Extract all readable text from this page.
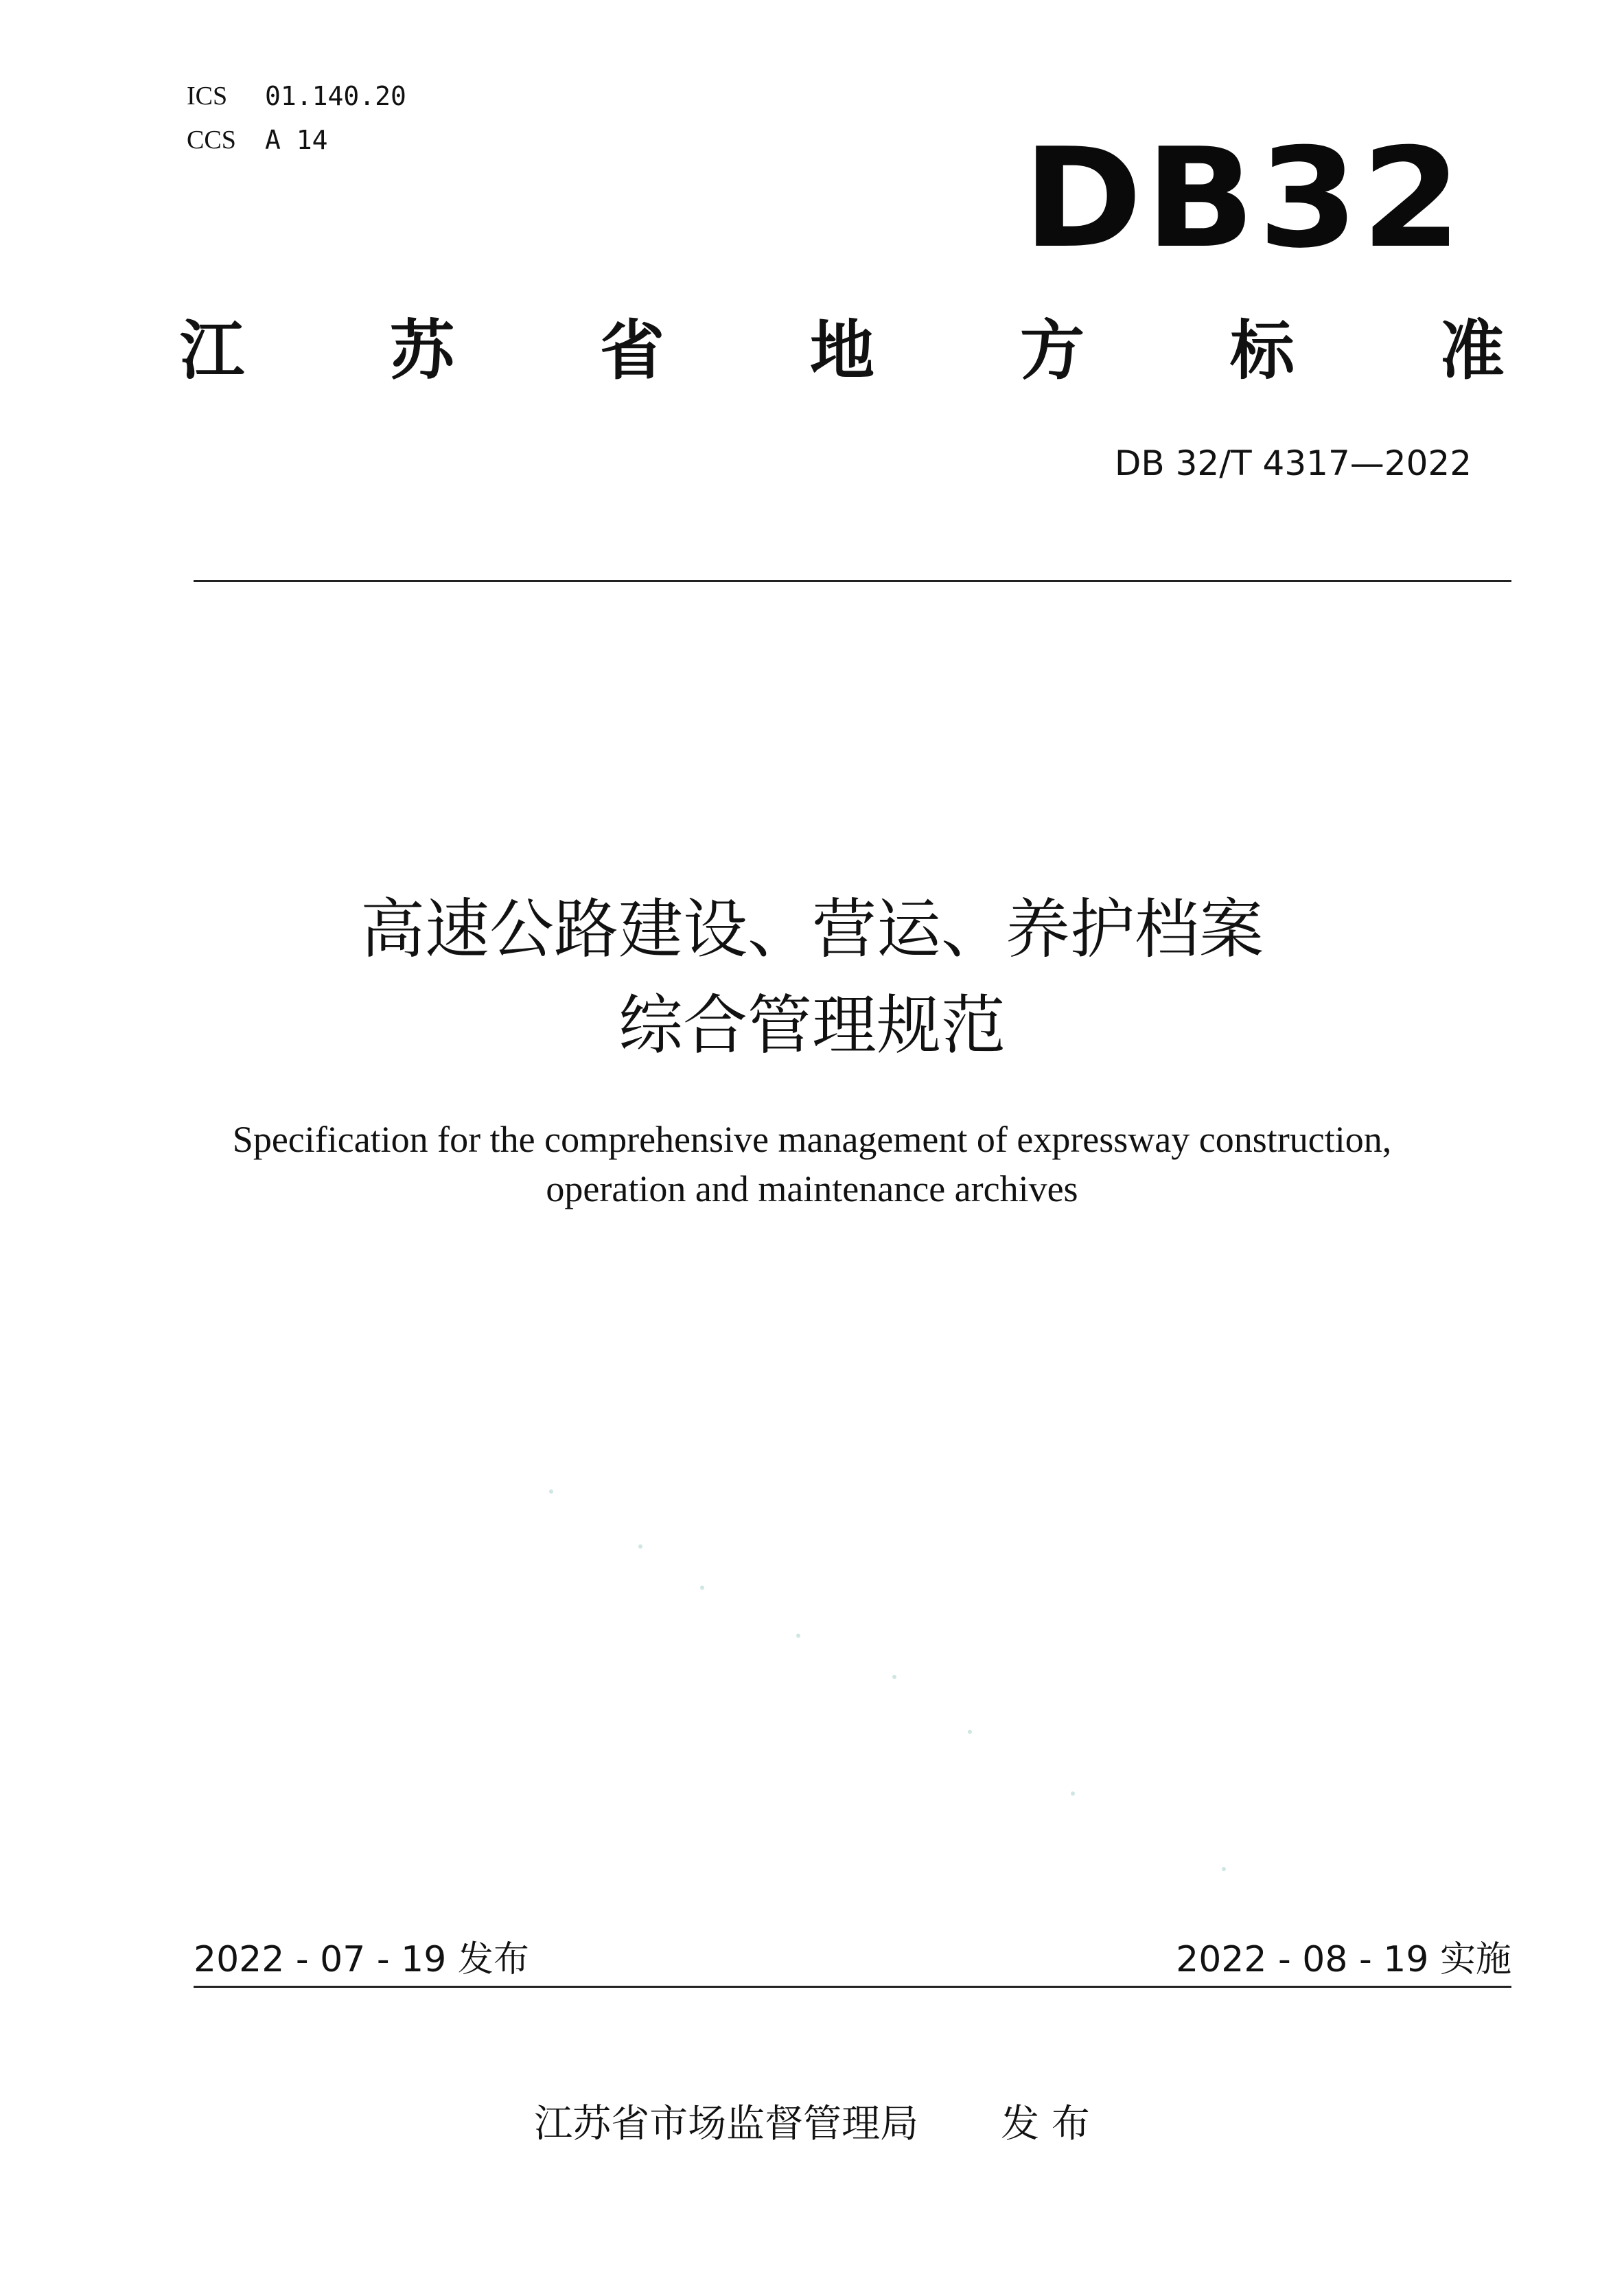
ICS	01.140.20
CCS	A 14	DB32
江 苏 省 地 方 标 准
DB 32/T 4317—2022
高速公路建设、营运、养护档案
综合管理规范
Specification for the comprehensive management of expressway construction,
operation and maintenance archives
2022 - 07 - 19 发布	2022 - 08 - 19 实施
江苏省市场监督管理局 发 布
